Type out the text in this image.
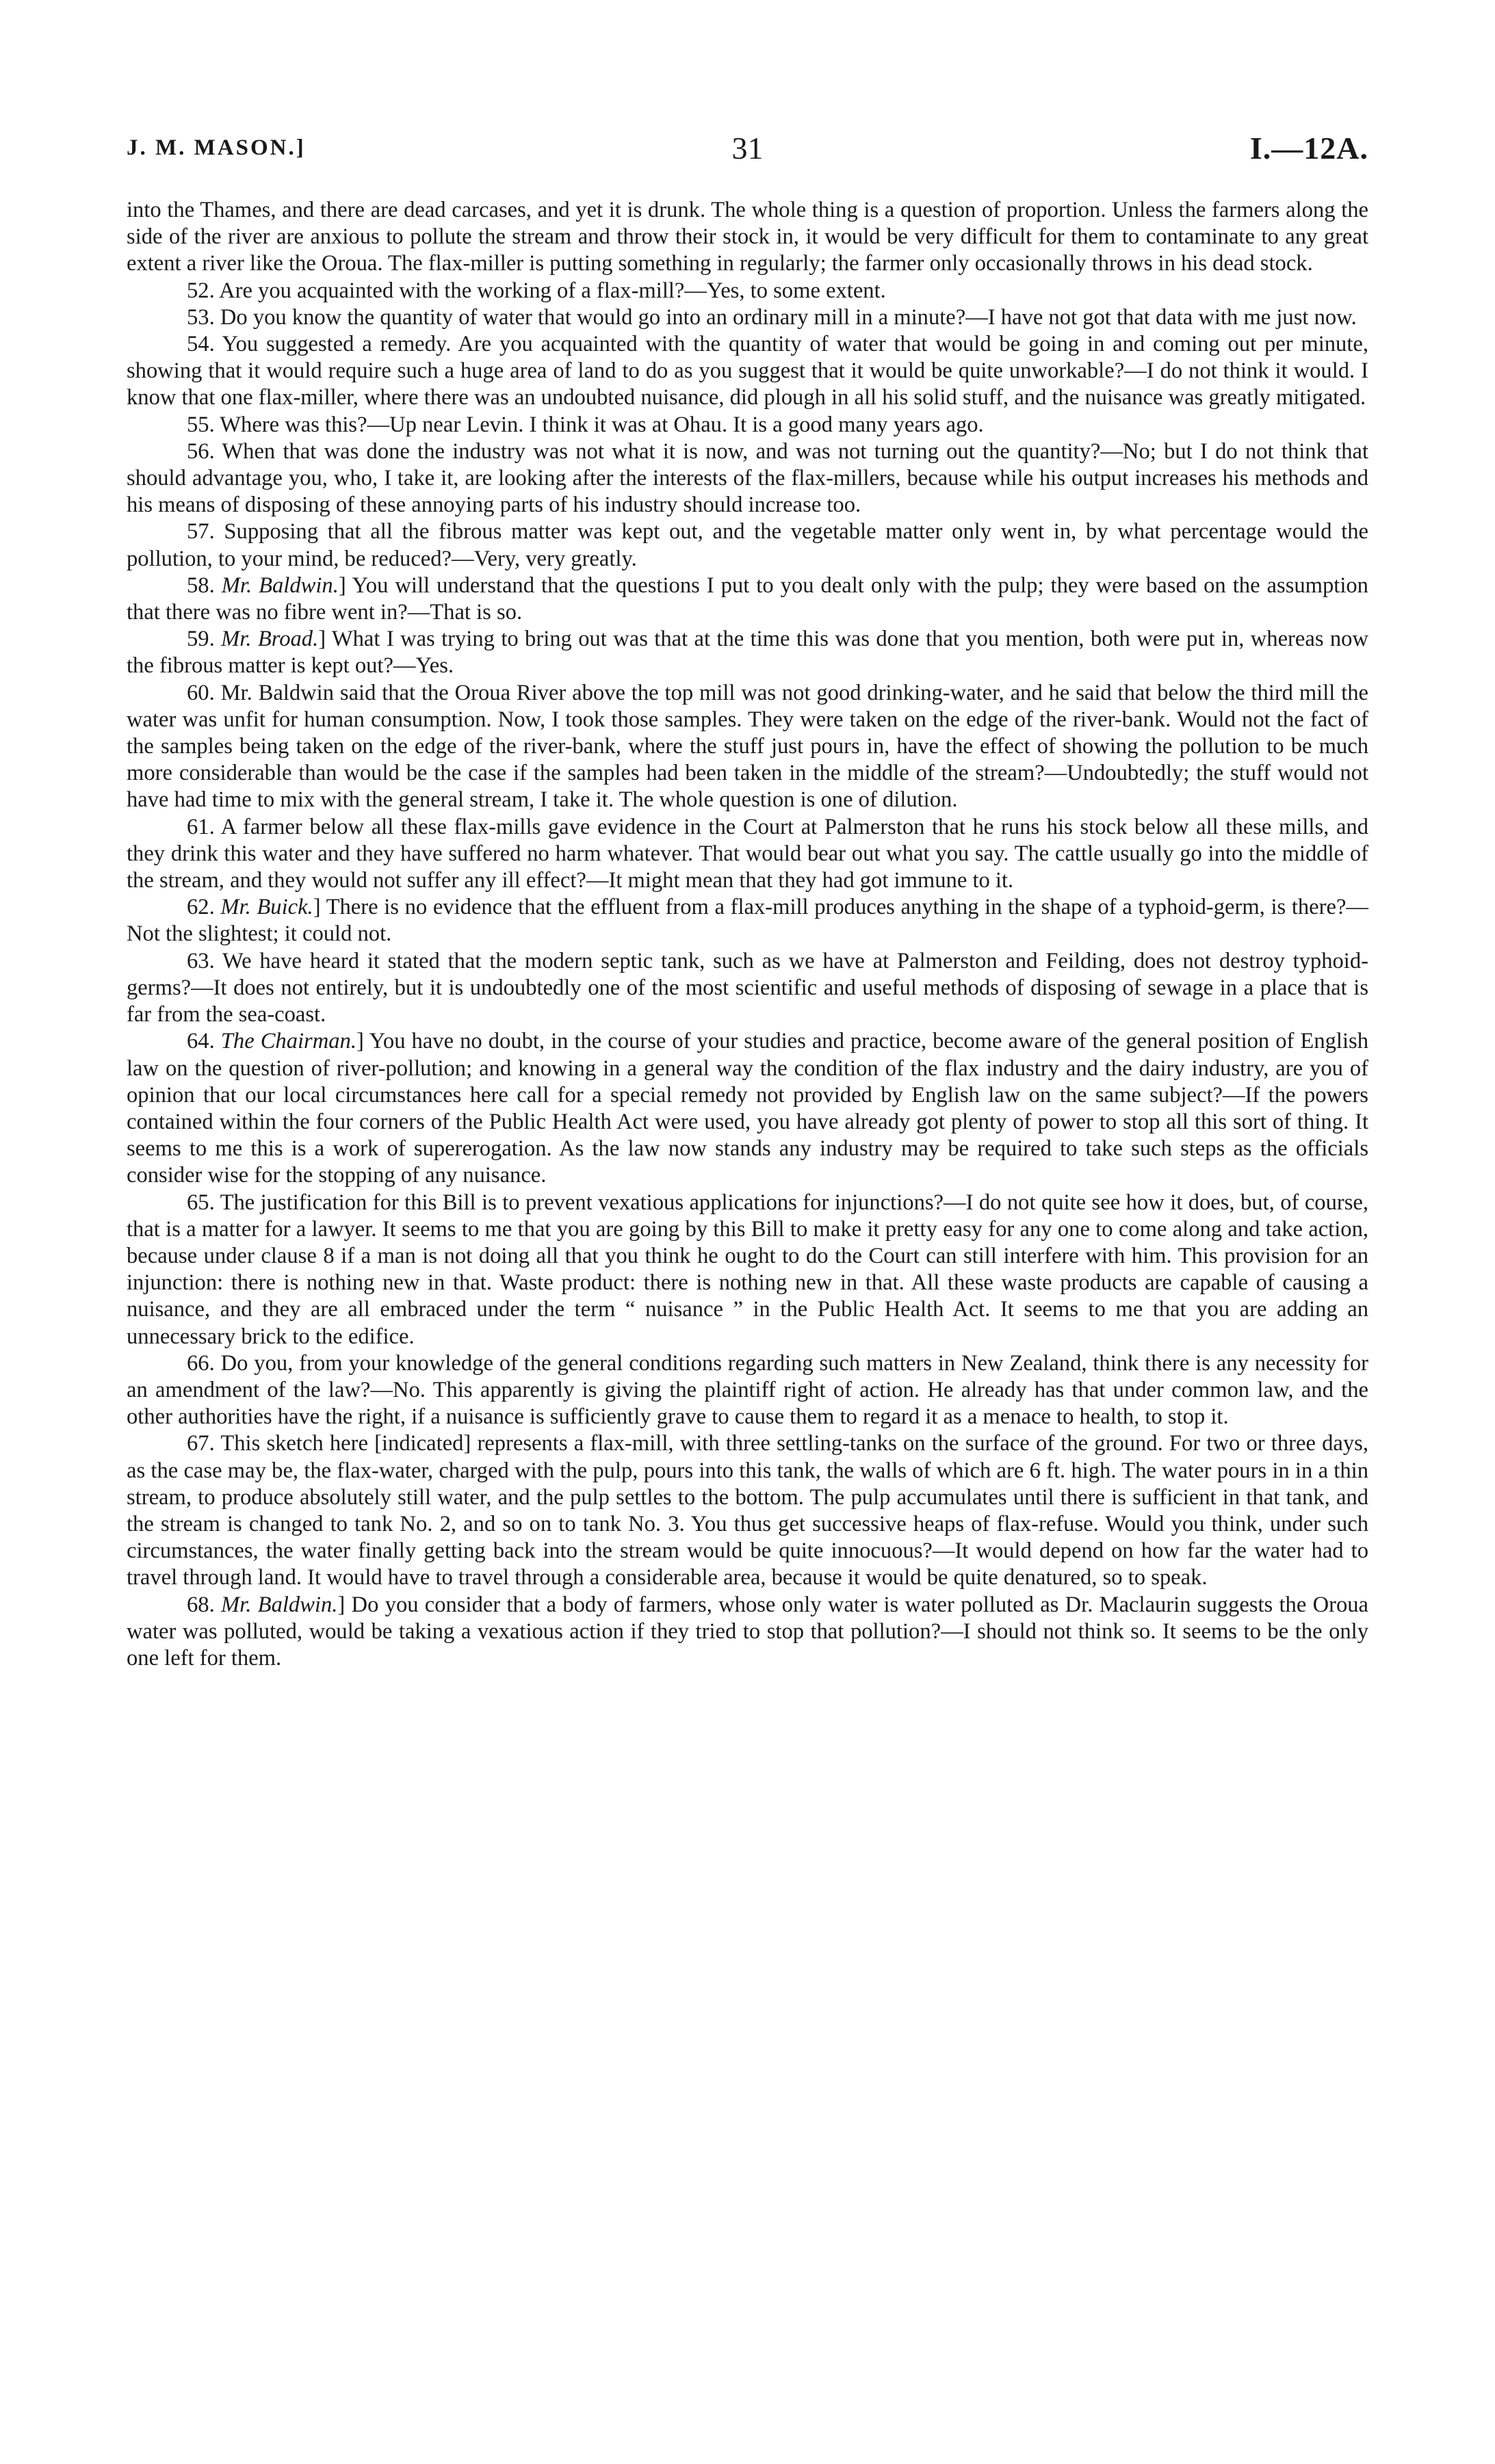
J. M. MASON.]	31	I.—12A.

into the Thames, and there are dead carcases, and yet it is drunk. The whole thing is a question of proportion. Unless the farmers along the side of the river are anxious to pollute the stream and throw their stock in, it would be very difficult for them to contaminate to any great extent a river like the Oroua. The flax-miller is putting something in regularly; the farmer only occasionally throws in his dead stock.

52. Are you acquainted with the working of a flax-mill?—Yes, to some extent.

53. Do you know the quantity of water that would go into an ordinary mill in a minute?—I have not got that data with me just now.

54. You suggested a remedy. Are you acquainted with the quantity of water that would be going in and coming out per minute, showing that it would require such a huge area of land to do as you suggest that it would be quite unworkable?—I do not think it would. I know that one flax-miller, where there was an undoubted nuisance, did plough in all his solid stuff, and the nuisance was greatly mitigated.

55. Where was this?—Up near Levin. I think it was at Ohau. It is a good many years ago.

56. When that was done the industry was not what it is now, and was not turning out the quantity?—No; but I do not think that should advantage you, who, I take it, are looking after the interests of the flax-millers, because while his output increases his methods and his means of disposing of these annoying parts of his industry should increase too.

57. Supposing that all the fibrous matter was kept out, and the vegetable matter only went in, by what percentage would the pollution, to your mind, be reduced?—Very, very greatly.

58. Mr. Baldwin.] You will understand that the questions I put to you dealt only with the pulp; they were based on the assumption that there was no fibre went in?—That is so.

59. Mr. Broad.] What I was trying to bring out was that at the time this was done that you mention, both were put in, whereas now the fibrous matter is kept out?—Yes.

60. Mr. Baldwin said that the Oroua River above the top mill was not good drinking-water, and he said that below the third mill the water was unfit for human consumption. Now, I took those samples. They were taken on the edge of the river-bank. Would not the fact of the samples being taken on the edge of the river-bank, where the stuff just pours in, have the effect of showing the pollution to be much more considerable than would be the case if the samples had been taken in the middle of the stream?—Undoubtedly; the stuff would not have had time to mix with the general stream, I take it. The whole question is one of dilution.

61. A farmer below all these flax-mills gave evidence in the Court at Palmerston that he runs his stock below all these mills, and they drink this water and they have suffered no harm whatever. That would bear out what you say. The cattle usually go into the middle of the stream, and they would not suffer any ill effect?—It might mean that they had got immune to it.

62. Mr. Buick.] There is no evidence that the effluent from a flax-mill produces anything in the shape of a typhoid-germ, is there?—Not the slightest; it could not.

63. We have heard it stated that the modern septic tank, such as we have at Palmerston and Feilding, does not destroy typhoid-germs?—It does not entirely, but it is undoubtedly one of the most scientific and useful methods of disposing of sewage in a place that is far from the sea-coast.

64. The Chairman.] You have no doubt, in the course of your studies and practice, become aware of the general position of English law on the question of river-pollution; and knowing in a general way the condition of the flax industry and the dairy industry, are you of opinion that our local circumstances here call for a special remedy not provided by English law on the same subject?—If the powers contained within the four corners of the Public Health Act were used, you have already got plenty of power to stop all this sort of thing. It seems to me this is a work of supererogation. As the law now stands any industry may be required to take such steps as the officials consider wise for the stopping of any nuisance.

65. The justification for this Bill is to prevent vexatious applications for injunctions?—I do not quite see how it does, but, of course, that is a matter for a lawyer. It seems to me that you are going by this Bill to make it pretty easy for any one to come along and take action, because under clause 8 if a man is not doing all that you think he ought to do the Court can still interfere with him. This provision for an injunction: there is nothing new in that. Waste product: there is nothing new in that. All these waste products are capable of causing a nuisance, and they are all embraced under the term “ nuisance ” in the Public Health Act. It seems to me that you are adding an unnecessary brick to the edifice.

66. Do you, from your knowledge of the general conditions regarding such matters in New Zealand, think there is any necessity for an amendment of the law?—No. This apparently is giving the plaintiff right of action. He already has that under common law, and the other authorities have the right, if a nuisance is sufficiently grave to cause them to regard it as a menace to health, to stop it.

67. This sketch here [indicated] represents a flax-mill, with three settling-tanks on the surface of the ground. For two or three days, as the case may be, the flax-water, charged with the pulp, pours into this tank, the walls of which are 6 ft. high. The water pours in in a thin stream, to produce absolutely still water, and the pulp settles to the bottom. The pulp accumulates until there is sufficient in that tank, and the stream is changed to tank No. 2, and so on to tank No. 3. You thus get successive heaps of flax-refuse. Would you think, under such circumstances, the water finally getting back into the stream would be quite innocuous?—It would depend on how far the water had to travel through land. It would have to travel through a considerable area, because it would be quite denatured, so to speak.

68. Mr. Baldwin.] Do you consider that a body of farmers, whose only water is water polluted as Dr. Maclaurin suggests the Oroua water was polluted, would be taking a vexatious action if they tried to stop that pollution?—I should not think so. It seems to be the only one left for them.
